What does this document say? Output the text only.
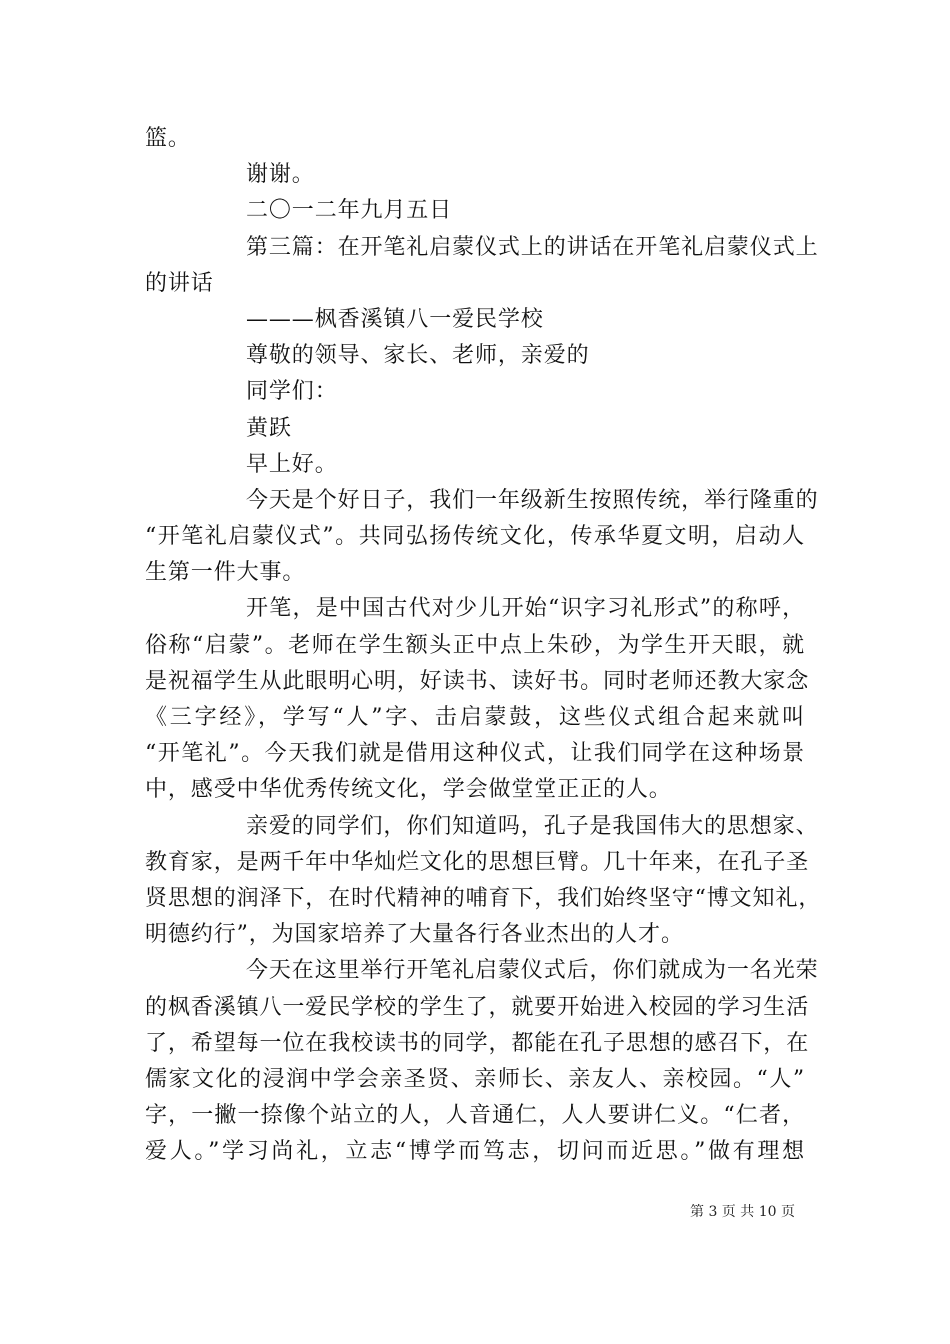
篮。
谢谢。
二〇一二年九月五日
第三篇：在开笔礼启蒙仪式上的讲话在开笔礼启蒙仪式上
的讲话
———枫香溪镇八一爱民学校
尊敬的领导、家长、老师，亲爱的
同学们：
黄跃
早上好。
今天是个好日子，我们一年级新生按照传统，举行隆重的
“开笔礼启蒙仪式”。共同弘扬传统文化，传承华夏文明，启动人
生第一件大事。
开笔，是中国古代对少儿开始“识字习礼形式”的称呼，
俗称“启蒙”。老师在学生额头正中点上朱砂，为学生开天眼，就
是祝福学生从此眼明心明，好读书、读好书。同时老师还教大家念
《三字经》，学写“人”字、击启蒙鼓，这些仪式组合起来就叫
“开笔礼”。今天我们就是借用这种仪式，让我们同学在这种场景
中，感受中华优秀传统文化，学会做堂堂正正的人。
亲爱的同学们，你们知道吗，孔子是我国伟大的思想家、
教育家，是两千年中华灿烂文化的思想巨臂。几十年来，在孔子圣
贤思想的润泽下，在时代精神的哺育下，我们始终坚守“博文知礼，
明德约行”，为国家培养了大量各行各业杰出的人才。
今天在这里举行开笔礼启蒙仪式后，你们就成为一名光荣
的枫香溪镇八一爱民学校的学生了，就要开始进入校园的学习生活
了，希望每一位在我校读书的同学，都能在孔子思想的感召下，在
儒家文化的浸润中学会亲圣贤、亲师长、亲友人、亲校园。“人”
字，一撇一捺像个站立的人，人音通仁，人人要讲仁义。“仁者，
爱人。”学习尚礼，立志“博学而笃志，切问而近思。”做有理想
第 3 页 共 10 页
